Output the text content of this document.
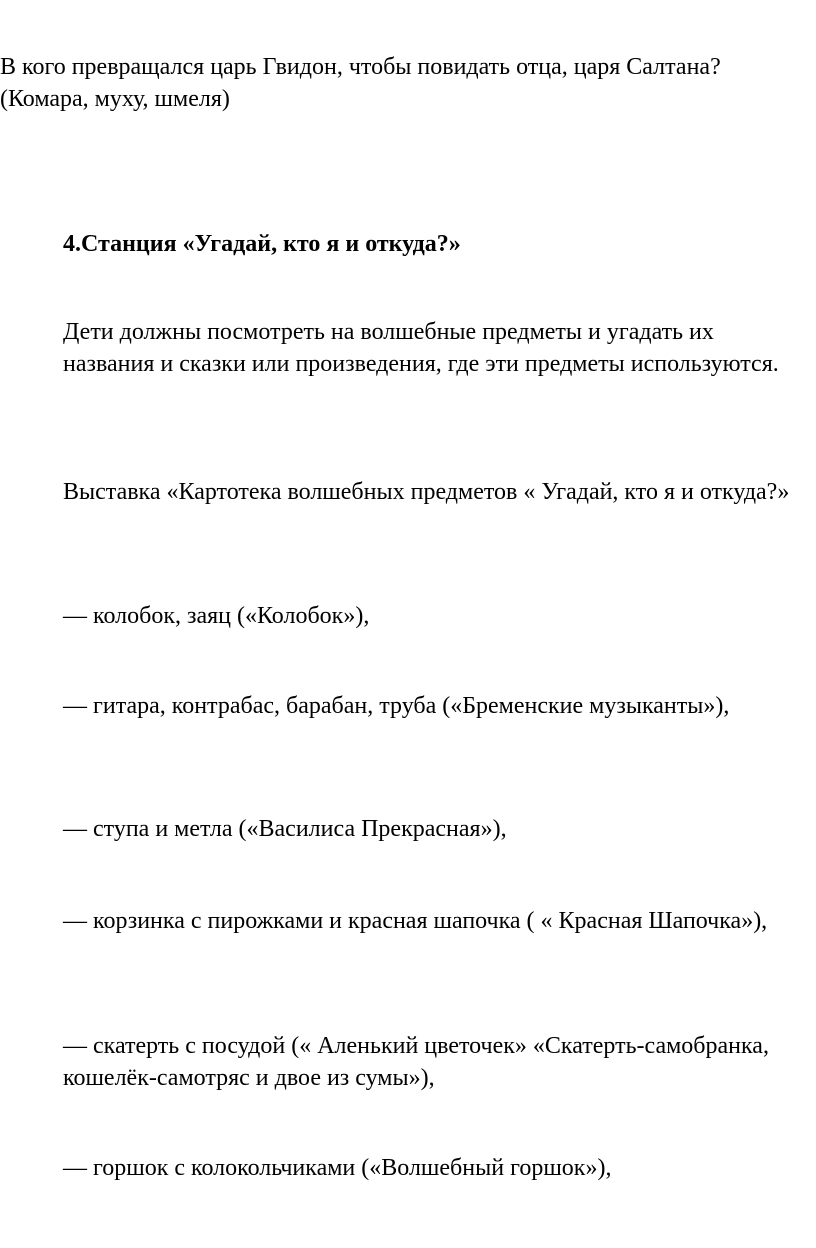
В кого превращался царь Гвидон, чтобы повидать отца, царя Салтана? (Комара, муху, шмеля)

4.Станция «Угадай, кто я и откуда?»

Дети должны посмотреть на волшебные предметы и угадать их названия и сказки или произведения, где эти предметы используются.

Выставка «Картотека волшебных предметов « Угадай, кто я и откуда?»

— колобок, заяц («Колобок»),

— гитара, контрабас, барабан, труба («Бременские музыканты»),

— ступа и метла («Василиса Прекрасная»),

— корзинка с пирожками и красная шапочка ( « Красная Шапочка»),

— скатерть с посудой (« Аленький цветочек» «Скатерть-самобранка, кошелёк-самотряс и двое из сумы»),

— горшок с колокольчиками («Волшебный горшок»),
